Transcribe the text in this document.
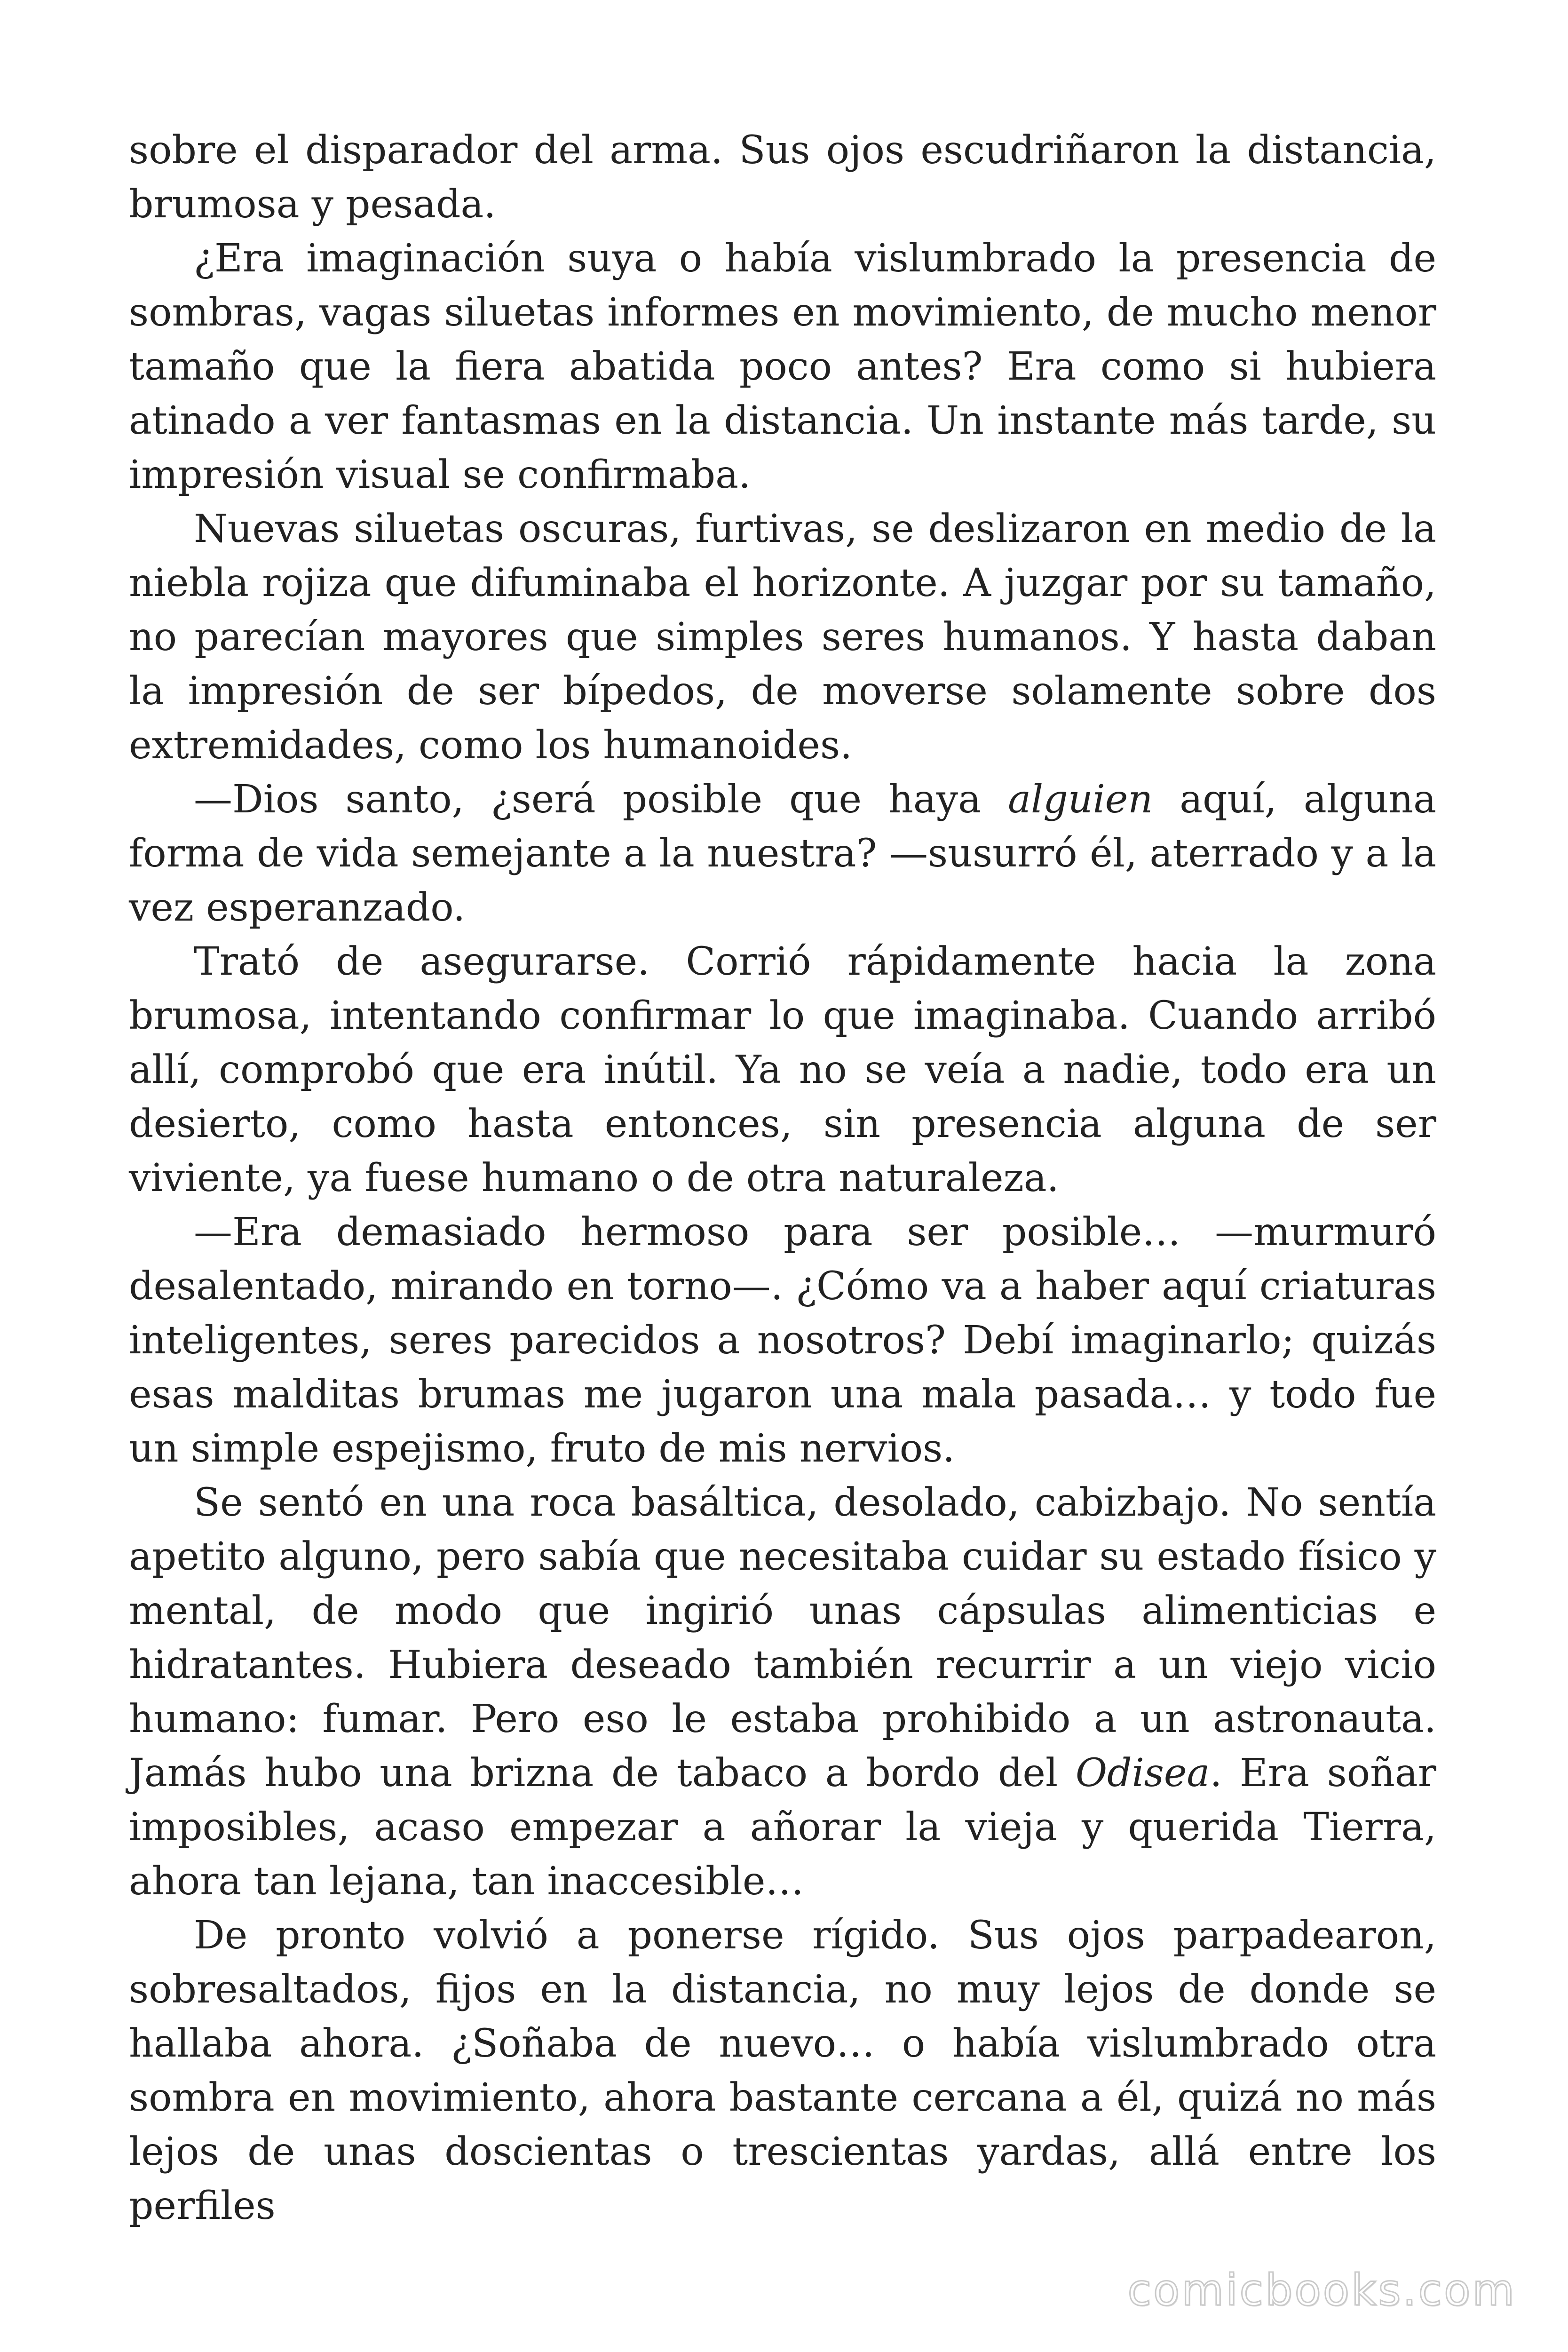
sobre el disparador del arma. Sus ojos escudriñaron la distancia, brumosa y pesada.

¿Era imaginación suya o había vislumbrado la presencia de sombras, vagas siluetas informes en movimiento, de mucho menor tamaño que la fiera abatida poco antes? Era como si hubiera atinado a ver fantasmas en la distancia. Un instante más tarde, su impresión visual se confirmaba.

Nuevas siluetas oscuras, furtivas, se deslizaron en medio de la niebla rojiza que difuminaba el horizonte. A juzgar por su tamaño, no parecían mayores que simples seres humanos. Y hasta daban la impresión de ser bípedos, de moverse solamente sobre dos extremidades, como los humanoides.

—Dios santo, ¿será posible que haya alguien aquí, alguna forma de vida semejante a la nuestra? —susurró él, aterrado y a la vez esperanzado.

Trató de asegurarse. Corrió rápidamente hacia la zona brumosa, intentando confirmar lo que imaginaba. Cuando arribó allí, comprobó que era inútil. Ya no se veía a nadie, todo era un desierto, como hasta entonces, sin presencia alguna de ser viviente, ya fuese humano o de otra naturaleza.

—Era demasiado hermoso para ser posible… —murmuró desalentado, mirando en torno—. ¿Cómo va a haber aquí criaturas inteligentes, seres parecidos a nosotros? Debí imaginarlo; quizás esas malditas brumas me jugaron una mala pasada… y todo fue un simple espejismo, fruto de mis nervios.

Se sentó en una roca basáltica, desolado, cabizbajo. No sentía apetito alguno, pero sabía que necesitaba cuidar su estado físico y mental, de modo que ingirió unas cápsulas alimenticias e hidratantes. Hubiera deseado también recurrir a un viejo vicio humano: fumar. Pero eso le estaba prohibido a un astronauta. Jamás hubo una brizna de tabaco a bordo del Odisea. Era soñar imposibles, acaso empezar a añorar la vieja y querida Tierra, ahora tan lejana, tan inaccesible…

De pronto volvió a ponerse rígido. Sus ojos parpadearon, sobresaltados, fijos en la distancia, no muy lejos de donde se hallaba ahora. ¿Soñaba de nuevo… o había vislumbrado otra sombra en movimiento, ahora bastante cercana a él, quizá no más lejos de unas doscientas o trescientas yardas, allá entre los perfiles

comicbooks.com
